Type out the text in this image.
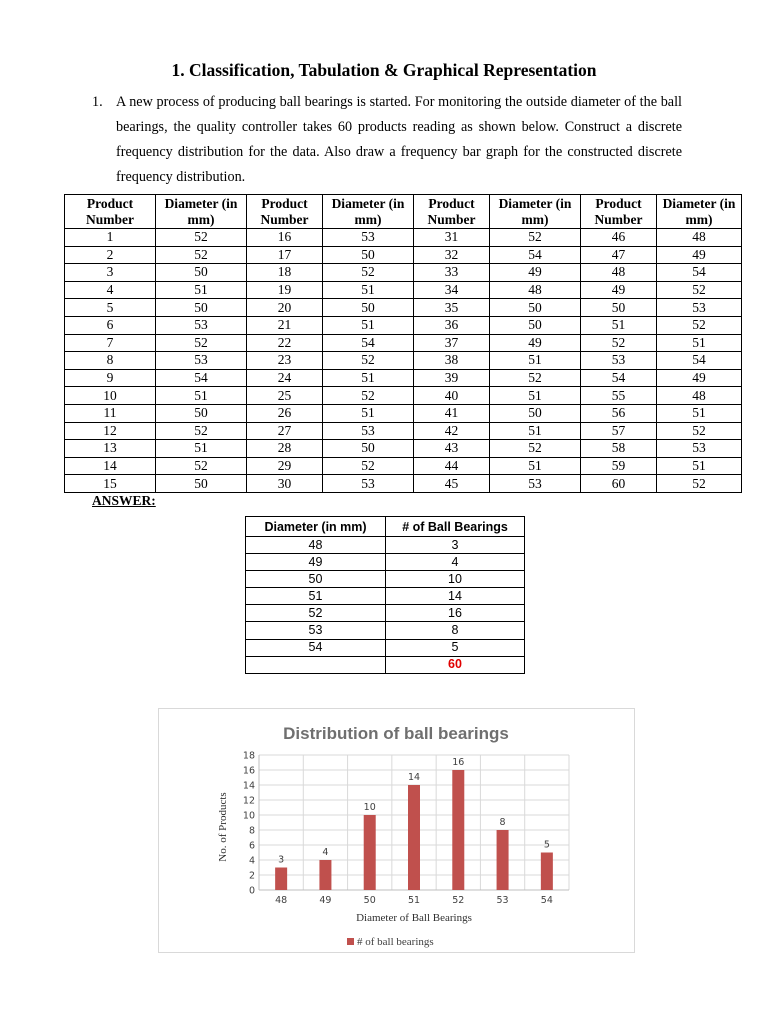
1. Classification, Tabulation & Graphical Representation
1. A new process of producing ball bearings is started. For monitoring the outside diameter of the ball bearings, the quality controller takes 60 products reading as shown below. Construct a discrete frequency distribution for the data. Also draw a frequency bar graph for the constructed discrete frequency distribution.
Product Number	Diameter (in mm)	Product Number	Diameter (in mm)	Product Number	Diameter (in mm)	Product Number	Diameter (in mm)
1	52	16	53	31	52	46	48
2	52	17	50	32	54	47	49
3	50	18	52	33	49	48	54
4	51	19	51	34	48	49	52
5	50	20	50	35	50	50	53
6	53	21	51	36	50	51	52
7	52	22	54	37	49	52	51
8	53	23	52	38	51	53	54
9	54	24	51	39	52	54	49
10	51	25	52	40	51	55	48
11	50	26	51	41	50	56	51
12	52	27	53	42	51	57	52
13	51	28	50	43	52	58	53
14	52	29	52	44	51	59	51
15	50	30	53	45	53	60	52
ANSWER:
Diameter (in mm)	# of Ball Bearings
48	3
49	4
50	10
51	14
52	16
53	8
54	5
	60
Distribution of ball bearings
0
2
4
6
8
10
12
14
16
18
3
48
4
49
10
50
14
51
16
52
8
53
5
54
Diameter of Ball Bearings
No. of Products
# of ball bearings
